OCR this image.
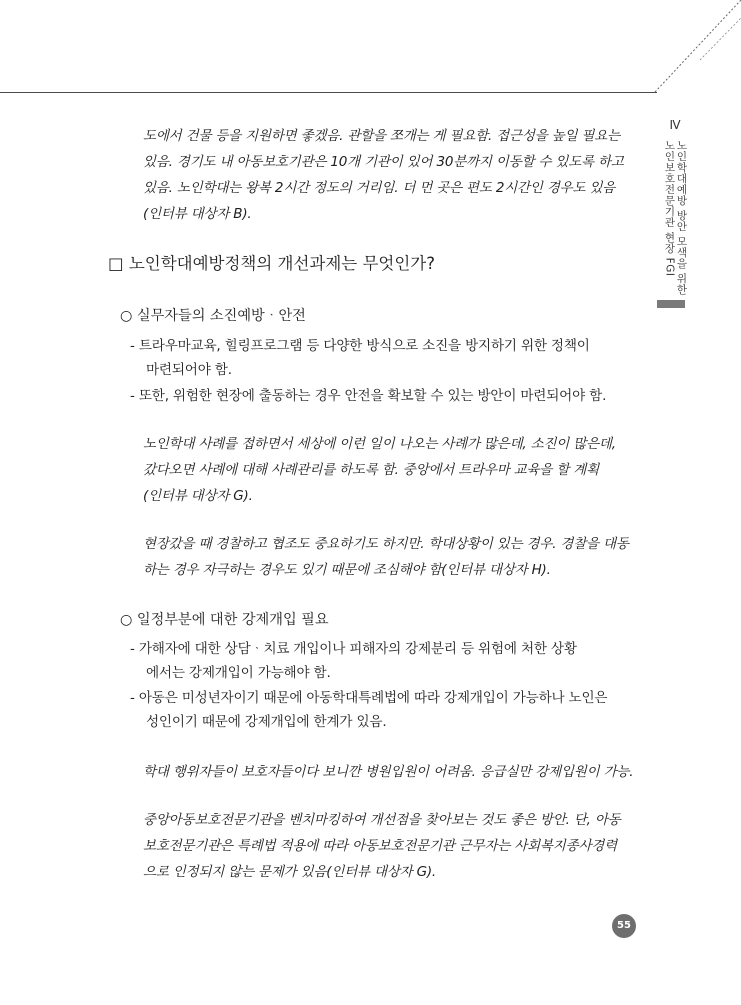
Ⅳ
노인학대예방 방안 모색을 위한
노인보호전문기관 현장 FGI
도에서 건물 등을 지원하면 좋겠음. 관할을 쪼개는 게 필요함. 접근성을 높일 필요는
있음. 경기도 내 아동보호기관은 10개 기관이 있어 30분까지 이동할 수 있도록 하고
있음. 노인학대는 왕복 2시간 정도의 거리임. 더 먼 곳은 편도 2시간인 경우도 있음
(인터뷰 대상자 B).
□ 노인학대예방정책의 개선과제는 무엇인가?
○ 실무자들의 소진예방ᆞ안전
- 트라우마교육, 힐링프로그램 등 다양한 방식으로 소진을 방지하기 위한 정책이
마련되어야 함.
- 또한, 위험한 현장에 출동하는 경우 안전을 확보할 수 있는 방안이 마련되어야 함.
노인학대 사례를 접하면서 세상에 이런 일이 나오는 사례가 많은데, 소진이 많은데,
갔다오면 사례에 대해 사례관리를 하도록 함. 중앙에서 트라우마 교육을 할 계획
(인터뷰 대상자 G).
현장갔을 때 경찰하고 협조도 중요하기도 하지만. 학대상황이 있는 경우. 경찰을 대동
하는 경우 자극하는 경우도 있기 때문에 조심해야 함(인터뷰 대상자 H).
○ 일정부분에 대한 강제개입 필요
- 가해자에 대한 상담ᆞ치료 개입이나 피해자의 강제분리 등 위험에 처한 상황
에서는 강제개입이 가능해야 함.
- 아동은 미성년자이기 때문에 아동학대특례법에 따라 강제개입이 가능하나 노인은
성인이기 때문에 강제개입에 한계가 있음.
학대 행위자들이 보호자들이다 보니깐 병원입원이 어려움. 응급실만 강제입원이 가능.
중앙아동보호전문기관을 벤치마킹하여 개선점을 찾아보는 것도 좋은 방안. 단, 아동
보호전문기관은 특례법 적용에 따라 아동보호전문기관 근무자는 사회복지종사경력
으로 인정되지 않는 문제가 있음(인터뷰 대상자 G).
55
